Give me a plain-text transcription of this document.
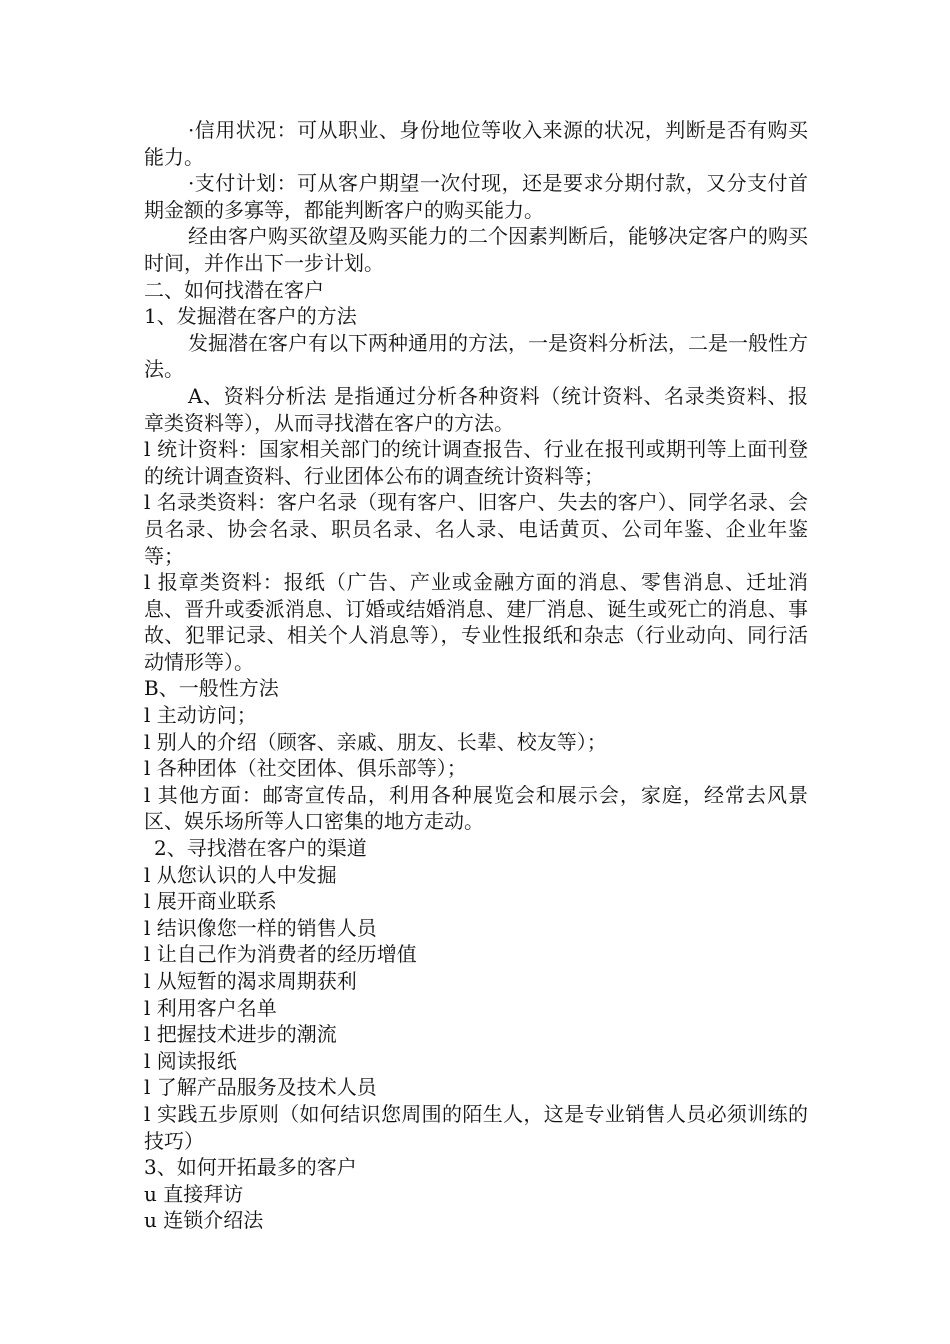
·信用状况：可从职业、身份地位等收入来源的状况，判断是否有购买能力。

·支付计划：可从客户期望一次付现，还是要求分期付款，又分支付首期金额的多寡等，都能判断客户的购买能力。

经由客户购买欲望及购买能力的二个因素判断后，能够决定客户的购买时间，并作出下一步计划。

二、如何找潜在客户

1、发掘潜在客户的方法

发掘潜在客户有以下两种通用的方法，一是资料分析法，二是一般性方法。

A、资料分析法 是指通过分析各种资料（统计资料、名录类资料、报章类资料等），从而寻找潜在客户的方法。

l 统计资料：国家相关部门的统计调查报告、行业在报刊或期刊等上面刊登的统计调查资料、行业团体公布的调查统计资料等；

l 名录类资料：客户名录（现有客户、旧客户、失去的客户）、同学名录、会员名录、协会名录、职员名录、名人录、电话黄页、公司年鉴、企业年鉴等；

l 报章类资料：报纸（广告、产业或金融方面的消息、零售消息、迁址消息、晋升或委派消息、订婚或结婚消息、建厂消息、诞生或死亡的消息、事故、犯罪记录、相关个人消息等），专业性报纸和杂志（行业动向、同行活动情形等）。

B、一般性方法

l 主动访问；

l 别人的介绍（顾客、亲戚、朋友、长辈、校友等）；

l 各种团体（社交团体、俱乐部等）；

l 其他方面：邮寄宣传品，利用各种展览会和展示会，家庭，经常去风景区、娱乐场所等人口密集的地方走动。

2、寻找潜在客户的渠道

l 从您认识的人中发掘

l 展开商业联系

l 结识像您一样的销售人员

l 让自己作为消费者的经历增值

l 从短暂的渴求周期获利

l 利用客户名单

l 把握技术进步的潮流

l 阅读报纸

l 了解产品服务及技术人员

l 实践五步原则（如何结识您周围的陌生人，这是专业销售人员必须训练的技巧）

3、如何开拓最多的客户

u 直接拜访

u 连锁介绍法
